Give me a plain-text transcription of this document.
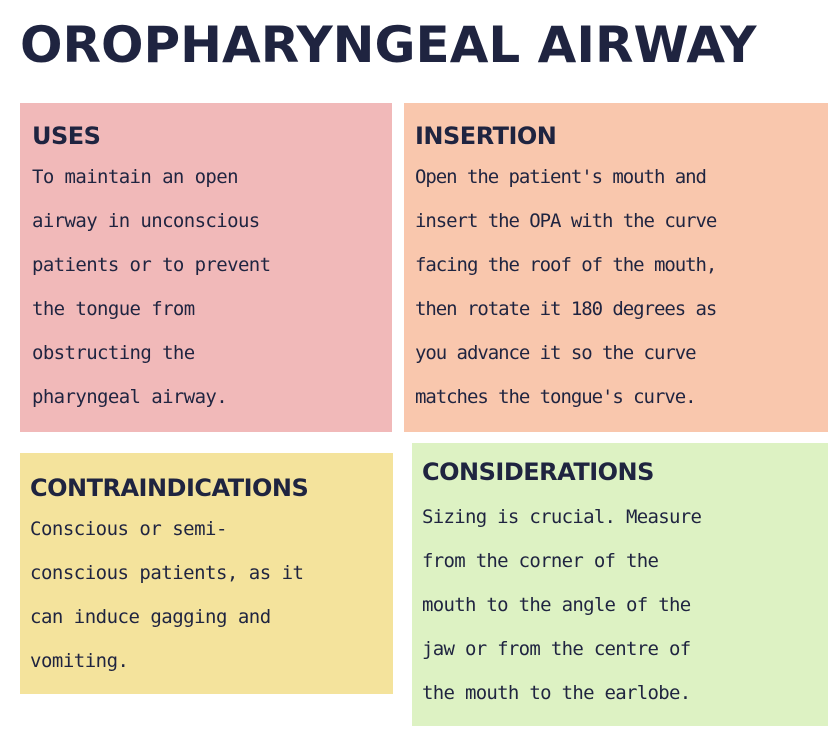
OROPHARYNGEAL AIRWAY
USES

To maintain an open
airway in unconscious
patients or to prevent
the tongue from
obstructing the
pharyngeal airway.

INSERTION

Open the patient's mouth and
insert the OPA with the curve
facing the roof of the mouth,
then rotate it 180 degrees as
you advance it so the curve
matches the tongue's curve.

CONTRAINDICATIONS

Conscious or semi-
conscious patients, as it
can induce gagging and
vomiting.

CONSIDERATIONS

Sizing is crucial. Measure
from the corner of the
mouth to the angle of the
jaw or from the centre of
the mouth to the earlobe.
